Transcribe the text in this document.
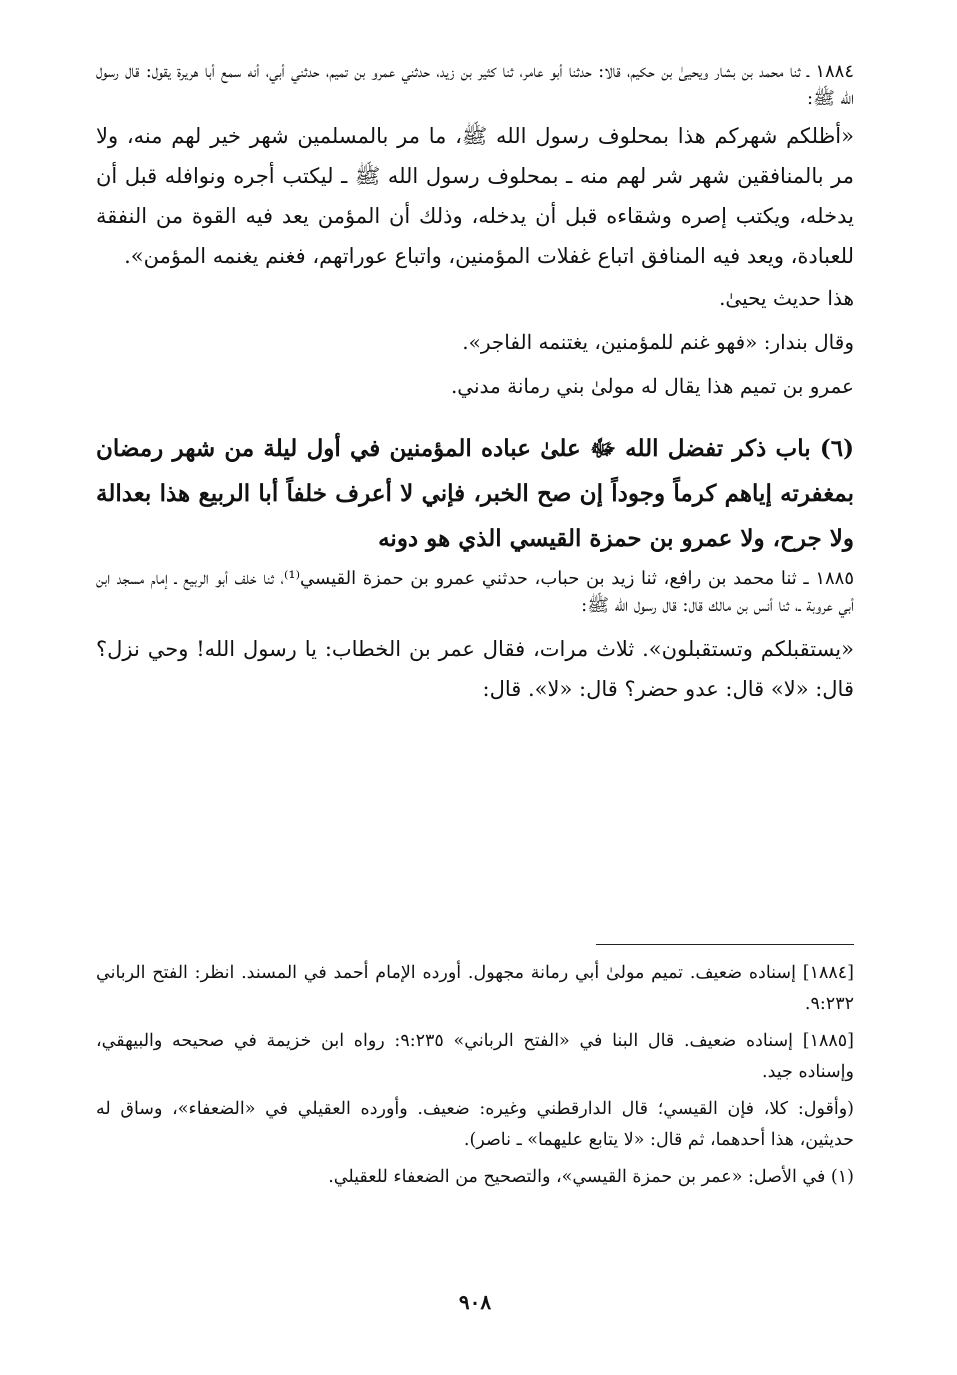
١٨٨٤ ـ ثنا محمد بن بشار ويحيىٰ بن حكيم، قالا: حدثنا أبو عامر، ثنا كثير بن زيد، حدثني عمرو بن تميم، حدثني أبي، أنه سمع أبا هريرة يقول: قال رسول الله ﷺ:

«أظلكم شهركم هذا بمحلوف رسول الله ﷺ، ما مر بالمسلمين شهر خير لهم منه، ولا مر بالمنافقين شهر شر لهم منه ـ بمحلوف رسول الله ﷺ ـ ليكتب أجره ونوافله قبل أن يدخله، ويكتب إصره وشقاءه قبل أن يدخله، وذلك أن المؤمن يعد فيه القوة من النفقة للعبادة، ويعد فيه المنافق اتباع غفلات المؤمنين، واتباع عوراتهم، فغنم يغنمه المؤمن».

هذا حديث يحيىٰ.

وقال بندار: «فهو غنم للمؤمنين، يغتنمه الفاجر».

عمرو بن تميم هذا يقال له مولىٰ بني رمانة مدني.

(٦) باب ذكر تفضل الله ﷻ علىٰ عباده المؤمنين في أول ليلة من شهر رمضان بمغفرته إياهم كرماً وجوداً إن صح الخبر، فإني لا أعرف خلفاً أبا الربيع هذا بعدالة ولا جرح، ولا عمرو بن حمزة القيسي الذي هو دونه

١٨٨٥ ـ ثنا محمد بن رافع، ثنا زيد بن حباب، حدثني عمرو بن حمزة القيسي⁽¹⁾، ثنا خلف أبو الربيع ـ إمام مسجد ابن أبي عروبة ـ، ثنا أنس بن مالك قال: قال رسول الله ﷺ:

«يستقبلكم وتستقبلون». ثلاث مرات، فقال عمر بن الخطاب: يا رسول الله! وحي نزل؟ قال: «لا» قال: عدو حضر؟ قال: «لا». قال:

[١٨٨٤] إسناده ضعيف. تميم مولىٰ أبي رمانة مجهول. أورده الإمام أحمد في المسند. انظر: الفتح الرباني ٩:٢٣٢.

[١٨٨٥] إسناده ضعيف. قال البنا في «الفتح الرباني» ٩:٢٣٥: رواه ابن خزيمة في صحيحه والبيهقي، وإسناده جيد.

(وأقول: كلا، فإن القيسي؛ قال الدارقطني وغيره: ضعيف. وأورده العقيلي في «الضعفاء»، وساق له حديثين، هذا أحدهما، ثم قال: «لا يتابع عليهما» ـ ناصر).

(١) في الأصل: «عمر بن حمزة القيسي»، والتصحيح من الضعفاء للعقيلي.

٩٠٨
